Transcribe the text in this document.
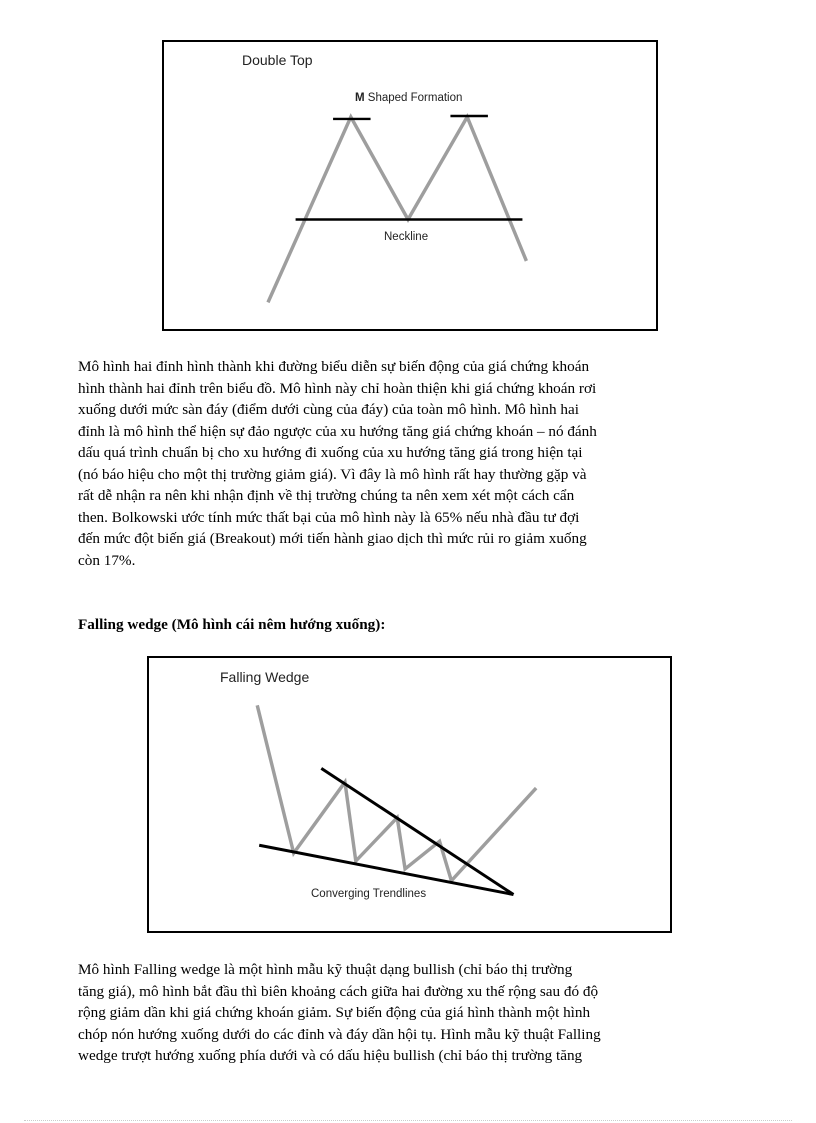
Double Top
M Shaped Formation
Neckline
Mô hình hai đỉnh hình thành khi đường biểu diễn sự biến động của giá chứng khoán
hình thành hai đỉnh trên biểu đồ. Mô hình này chỉ hoàn thiện khi giá chứng khoán rơi
xuống dưới mức sàn đáy (điểm dưới cùng của đáy) của toàn mô hình. Mô hình hai
đỉnh là mô hình thể hiện sự đảo ngược của xu hướng tăng giá chứng khoán – nó đánh
dấu quá trình chuẩn bị cho xu hướng đi xuống của xu hướng tăng giá trong hiện tại
(nó báo hiệu cho một thị trường giảm giá). Vì đây là mô hình rất hay thường gặp và
rất dễ nhận ra nên khi nhận định về thị trường chúng ta nên xem xét một cách cẩn
then. Bolkowski ước tính mức thất bại của mô hình này là 65% nếu nhà đầu tư đợi
đến mức đột biến giá (Breakout) mới tiến hành giao dịch thì mức rủi ro giảm xuống
còn 17%.
Falling wedge (Mô hình cái nêm hướng xuống):
Falling Wedge
Converging Trendlines
Mô hình Falling wedge là một hình mẫu kỹ thuật dạng bullish (chỉ báo thị trường
tăng giá), mô hình bắt đầu thì biên khoảng cách giữa hai đường xu thế rộng sau đó độ
rộng giảm dần khi giá chứng khoán giảm. Sự biến động của giá hình thành một hình
chóp nón hướng xuống dưới do các đỉnh và đáy dần hội tụ. Hình mẫu kỹ thuật Falling
wedge trượt hướng xuống phía dưới và có dấu hiệu bullish (chỉ báo thị trường tăng
